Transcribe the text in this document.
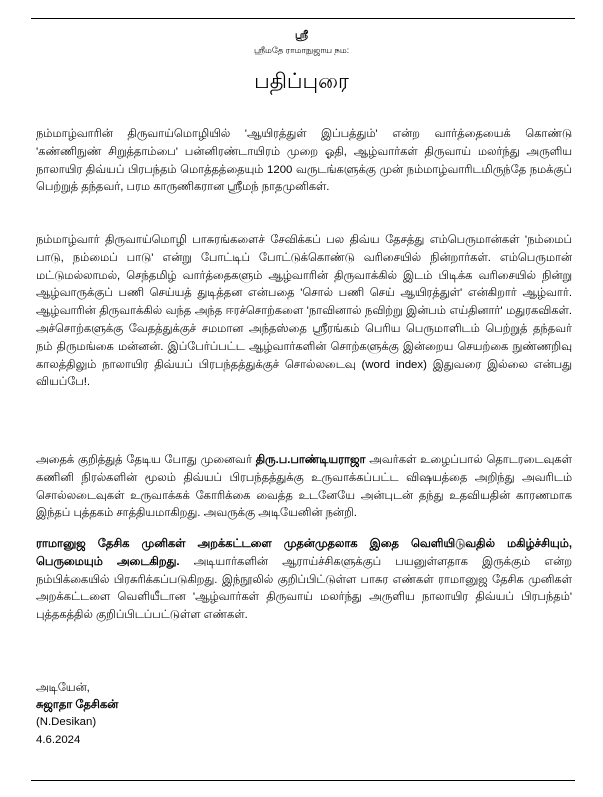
ஸ்ரீ
ஸ்ரீமதே ராமாநுஜாய நம:
பதிப்புரை

நம்மாழ்வாரின் திருவாய்மொழியில் 'ஆயிரத்துள் இப்பத்தும்' என்ற வார்த்தையைக் கொண்டு 'கண்ணிநுண் சிறுத்தாம்பை' பன்னிரண்டாயிரம் முறை ஓதி, ஆழ்வார்கள் திருவாய் மலர்ந்து அருளிய நாலாயிர திவ்யப் பிரபந்தம் மொத்தத்தையும் 1200 வருடங்களுக்கு முன் நம்மாழ்வாரிடமிருந்தே நமக்குப் பெற்றுத் தந்தவர், பரம காருணிகரான ஸ்ரீமந் நாதமுனிகள்.

நம்மாழ்வார் திருவாய்மொழி பாசுரங்களைச் சேவிக்கப் பல திவ்ய தேசத்து எம்பெருமான்கள் 'நம்மைப் பாடு, நம்மைப் பாடு' என்று போட்டிப் போட்டுக்கொண்டு வரிசையில் நின்றார்கள். எம்பெருமான் மட்டுமல்லாமல், செந்தமிழ் வார்த்தைகளும் ஆழ்வாரின் திருவாக்கில் இடம் பிடிக்க வரிசையில் நின்று ஆழ்வாருக்குப் பணி செய்யத் துடித்தன என்பதை 'சொல் பணி செய் ஆயிரத்துள்' என்கிறார் ஆழ்வார். ஆழ்வாரின் திருவாக்கில் வந்த அந்த ஈரச்சொற்களை 'நாவினால் நவிற்று இன்பம் எய்தினார்' மதுரகவிகள். அச்சொற்களுக்கு வேதத்துக்குச் சமமான அந்தஸ்தை ஸ்ரீரங்கம் பெரிய பெருமாளிடம் பெற்றுத் தந்தவர் நம் திருமங்கை மன்னன். இப்பேர்ப்பட்ட ஆழ்வார்களின் சொற்களுக்கு இன்றைய செயற்கை நுண்ணறிவு காலத்திலும் நாலாயிர திவ்யப் பிரபந்தத்துக்குச் சொல்லடைவு (word index) இதுவரை இல்லை என்பது வியப்பே!.

அதைக் குறித்துத் தேடிய போது முனைவர் திரு.ப.பாண்டியராஜா அவர்கள் உழைப்பால் தொடரடைவுகள் கணினி நிரல்களின் மூலம் திவ்யப் பிரபந்தத்துக்கு உருவாக்கப்பட்ட விஷயத்தை அறிந்து அவரிடம் சொல்லடைவுகள் உருவாக்கக் கோரிக்கை வைத்த உடனேயே அன்புடன் தந்து உதவியதின் காரணமாக இந்தப் புத்தகம் சாத்தியமாகிறது. அவருக்கு அடியேனின் நன்றி.

ராமானுஜ தேசிக முனிகள் அறக்கட்டளை முதன்முதலாக இதை வெளியிடுவதில் மகிழ்ச்சியும், பெருமையும் அடைகிறது. அடியார்களின் ஆராய்ச்சிகளுக்குப் பயனுள்ளதாக இருக்கும் என்ற நம்பிக்கையில் பிரசுரிக்கப்படுகிறது. இந்நூலில் குறிப்பிட்டுள்ள பாசுர எண்கள் ராமானுஜ தேசிக முனிகள் அறக்கட்டளை வெளியீடான 'ஆழ்வார்கள் திருவாய் மலர்ந்து அருளிய நாலாயிர திவ்யப் பிரபந்தம்' புத்தகத்தில் குறிப்பிடப்பட்டுள்ள எண்கள்.

அடியேன்,
சுஜாதா தேசிகன்
(N.Desikan)
4.6.2024
